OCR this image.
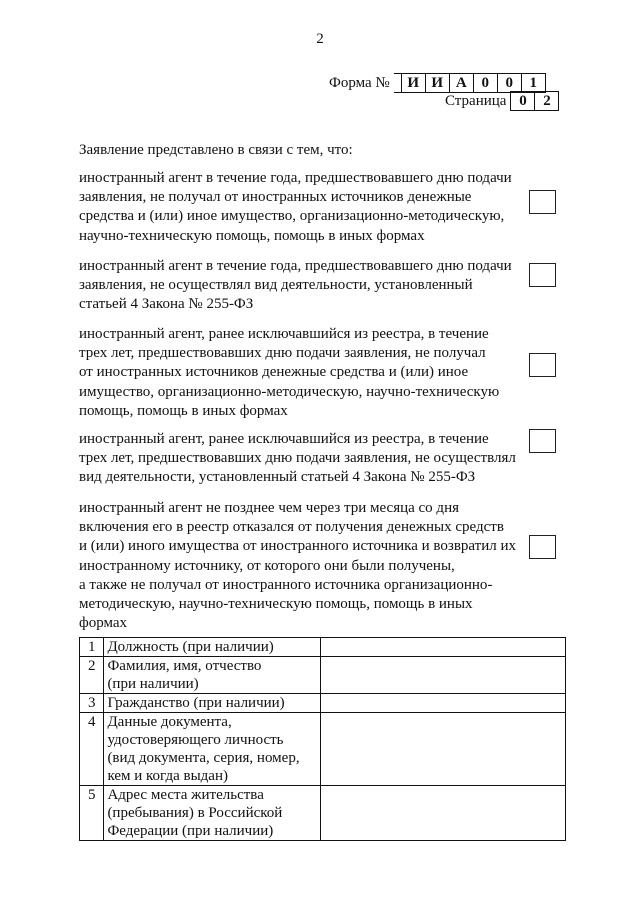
2
Форма №	И И А 0	0	1
Страница 0	2
Заявление представлено в связи с тем, что:

иностранный агент в течение года, предшествовавшего дню подачи

заявления, не получал от иностранных источников денежные

средства и (или) иное имущество, организационно-методическую,

научно-техническую помощь, помощь в иных формах

иностранный агент в течение года, предшествовавшего дню подачи

заявления, не осуществлял вид деятельности, установленный

статьей 4 Закона № 255-ФЗ

иностранный агент, ранее исключавшийся из реестра, в течение

трех лет, предшествовавших дню подачи заявления, не получал

от иностранных источников денежные средства и (или) иное

имущество, организационно-методическую, научно-техническую

помощь, помощь в иных формах

иностранный агент, ранее исключавшийся из реестра, в течение

трех лет, предшествовавших дню подачи заявления, не осуществлял

вид деятельности, установленный статьей 4 Закона № 255-ФЗ

иностранный агент не позднее чем через три месяца со дня

включения его в реестр отказался от получения денежных средств

и (или) иного имущества от иностранного источника и возвратил их

иностранному источнику, от которого они были получены,

а также не получал от иностранного источника организационно-

методическую, научно-техническую помощь, помощь в иных

формах

1	Должность (при наличии)	

2	Фамилия, имя, отчество
(при наличии)	

3	Гражданство (при наличии)	

4	Данные документа,
удостоверяющего личность
(вид документа, серия, номер,
кем и когда выдан)	

5	Адрес места жительства
(пребывания) в Российской
Федерации (при наличии)	
